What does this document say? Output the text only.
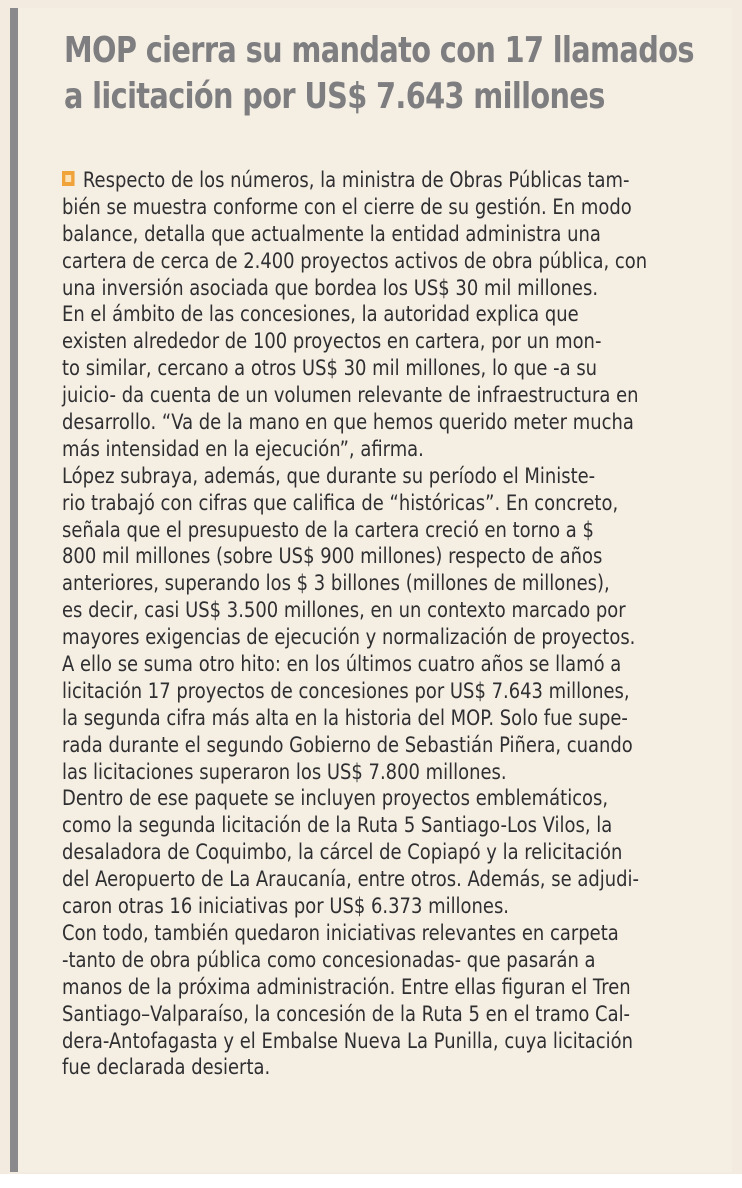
MOP cierra su mandato con 17 llamados
a licitación por US$ 7.643 millones
Respecto de los números, la ministra de Obras Públicas tam-
bién se muestra conforme con el cierre de su gestión. En modo
balance, detalla que actualmente la entidad administra una
cartera de cerca de 2.400 proyectos activos de obra pública, con
una inversión asociada que bordea los US$ 30 mil millones.
En el ámbito de las concesiones, la autoridad explica que
existen alrededor de 100 proyectos en cartera, por un mon-
to similar, cercano a otros US$ 30 mil millones, lo que -a su
juicio- da cuenta de un volumen relevante de infraestructura en
desarrollo. “Va de la mano en que hemos querido meter mucha
más intensidad en la ejecución”, afirma.
López subraya, además, que durante su período el Ministe-
rio trabajó con cifras que califica de “históricas”. En concreto,
señala que el presupuesto de la cartera creció en torno a $
800 mil millones (sobre US$ 900 millones) respecto de años
anteriores, superando los $ 3 billones (millones de millones),
es decir, casi US$ 3.500 millones, en un contexto marcado por
mayores exigencias de ejecución y normalización de proyectos.
A ello se suma otro hito: en los últimos cuatro años se llamó a
licitación 17 proyectos de concesiones por US$ 7.643 millones,
la segunda cifra más alta en la historia del MOP. Solo fue supe-
rada durante el segundo Gobierno de Sebastián Piñera, cuando
las licitaciones superaron los US$ 7.800 millones.
Dentro de ese paquete se incluyen proyectos emblemáticos,
como la segunda licitación de la Ruta 5 Santiago-Los Vilos, la
desaladora de Coquimbo, la cárcel de Copiapó y la relicitación
del Aeropuerto de La Araucanía, entre otros. Además, se adjudi-
caron otras 16 iniciativas por US$ 6.373 millones.
Con todo, también quedaron iniciativas relevantes en carpeta
-tanto de obra pública como concesionadas- que pasarán a
manos de la próxima administración. Entre ellas figuran el Tren
Santiago–Valparaíso, la concesión de la Ruta 5 en el tramo Cal-
dera-Antofagasta y el Embalse Nueva La Punilla, cuya licitación
fue declarada desierta.
